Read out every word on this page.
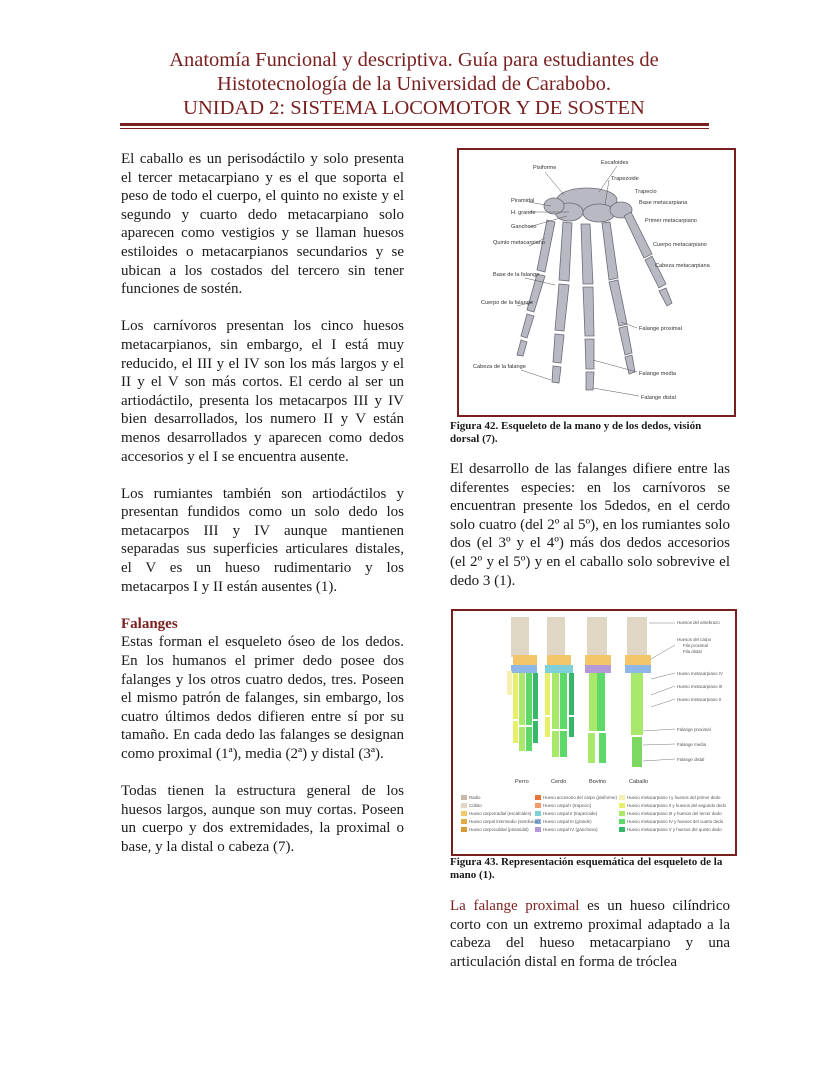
Anatomía Funcional y descriptiva. Guía para estudiantes de
Histotecnología de la Universidad de Carabobo.
UNIDAD 2: SISTEMA LOCOMOTOR Y DE SOSTEN

El caballo es un perisodáctilo y solo presenta el tercer metacarpiano y es el que soporta el peso de todo el cuerpo, el quinto no existe y el segundo y cuarto dedo metacarpiano solo aparecen como vestigios y se llaman huesos estiloides o metacarpianos secundarios y se ubican a los costados del tercero sin tener funciones de sostén.

Los carnívoros presentan los cinco huesos metacarpianos, sin embargo, el I está muy reducido, el III y el IV son los más largos y el II y el V son más cortos. El cerdo al ser un artiodáctilo, presenta los metacarpos III y IV bien desarrollados, los numero II y V están menos desarrollados y aparecen como dedos accesorios y el I se encuentra ausente.

Los rumiantes también son artiodáctilos y presentan fundidos como un solo dedo los metacarpos III y IV aunque mantienen separadas sus superficies articulares distales, el V es un hueso rudimentario y los metacarpos I y II están ausentes (1).

Falanges

Estas forman el esqueleto óseo de los dedos. En los humanos el primer dedo posee dos falanges y los otros cuatro dedos, tres. Poseen el mismo patrón de falanges, sin embargo, los cuatro últimos dedos difieren entre sí por su tamaño. En cada dedo las falanges se designan como proximal (1ª), media (2ª) y distal (3ª).

Todas tienen la estructura general de los huesos largos, aunque son muy cortas. Poseen un cuerpo y dos extremidades, la proximal o base, y la distal o cabeza (7).

Escafoides
Pisiforme
Trapezoide
Trapecio
Piramidal	Base metacarpiana
H. grande
Primer metacarpiano
Ganchoso
Quinto metacarpiano	Cuerpo metacarpiano
Cabeza metacarpiana
Base de la falange
Cuerpo de la falange
Falange proximal
Cabeza de la falange
Falange media
Falange distal
Figura 42. Esqueleto de la mano y de los dedos, visión dorsal (7).

El desarrollo de las falanges difiere entre las diferentes especies: en los carnívoros se encuentran presente los 5dedos, en el cerdo solo cuatro (del 2º al 5º), en los rumiantes solo dos (el 3º y el 4º) más dos dedos accesorios (el 2º y el 5º) y en el caballo solo sobrevive el dedo 3 (1).

Perro	Cerdo	Bovino	Caballo
Huesos del antebrazo
Huesos del carpo
Fila proximal
Fila distal
Hueso metacarpiano IV
Hueso metacarpiano III
Hueso metacarpiano II
Falange proximal
Falange media
Falange distal
Radio
Cúbito
Hueso carporradial (escafoides)
Hueso carpal intermedio (semilunar)
Hueso carpocubital (piramidal)
Hueso accesorio del carpo (pisiforme)
Hueso carpal I (trapecio)
Hueso carpal II (trapezoide)
Hueso carpal III (grande)
Hueso carpal IV (ganchoso)
Hueso metacarpiano I y huesos del primer dedo
Hueso metacarpiano II y huesos del segundo dedo
Hueso metacarpiano III y huesos del tercer dedo
Hueso metacarpiano IV y huesos del cuarto dedo
Hueso metacarpiano V y huesos del quinto dedo
Figura 43. Representación esquemática del esqueleto de la mano (1).

La falange proximal es un hueso cilíndrico corto con un extremo proximal adaptado a la cabeza del hueso metacarpiano y una articulación distal en forma de tróclea
